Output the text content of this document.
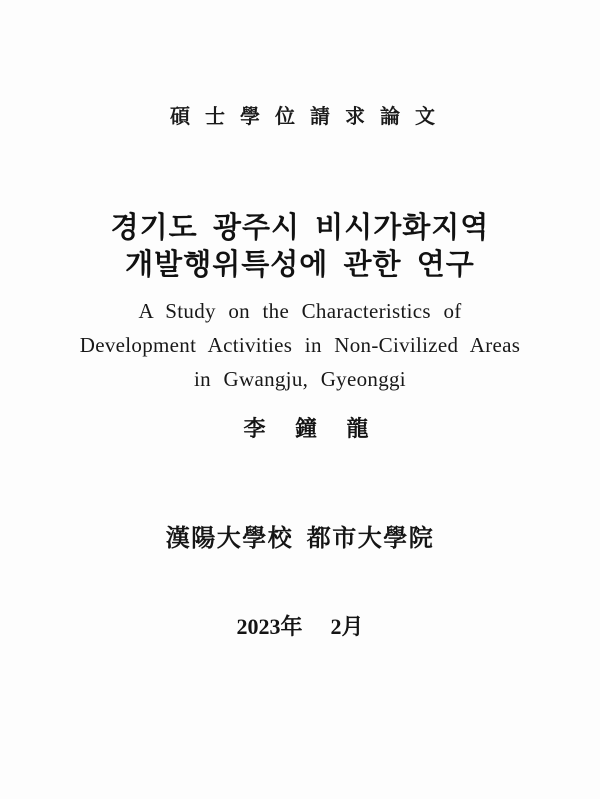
碩 士 學 位 請 求 論 文
경기도 광주시 비시가화지역
개발행위특성에 관한 연구
A Study on the Characteristics of
Development Activities in Non-Civilized Areas
in Gwangju, Gyeonggi
李 鐘 龍
漢陽大學校 都市大學院
2023年 2月
